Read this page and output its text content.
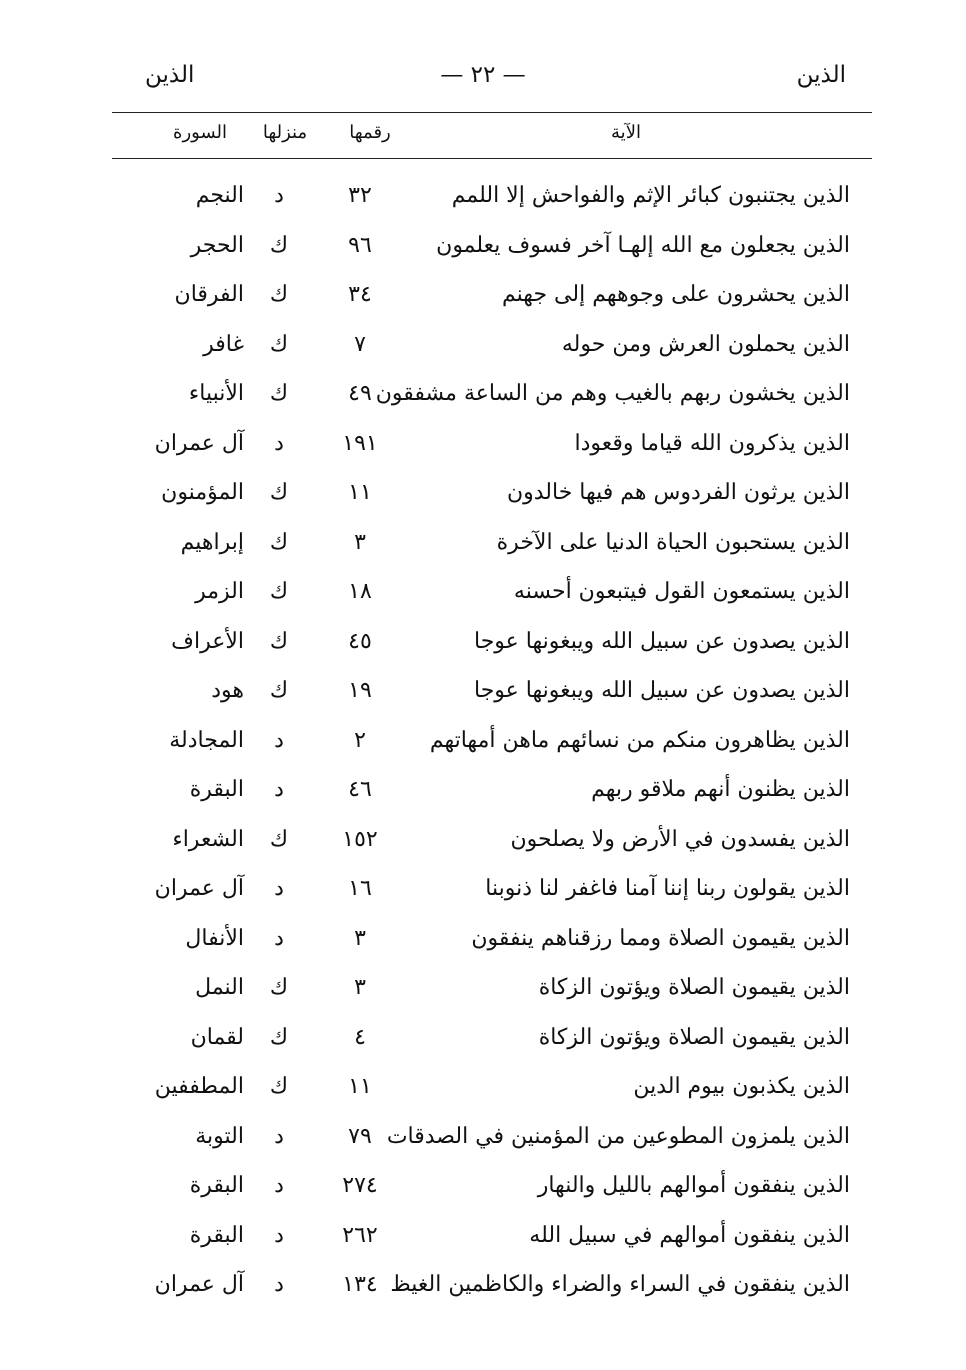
الذين
— ٢٢ —
الذين
الآية
رقمها
منزلها
السورة
الذين يجتنبون كبائر الإثم والفواحش إلا اللمم
٣٢
د
النجم
الذين يجعلون مع الله إلهـا آخر فسوف يعلمون
٩٦
ك
الحجر
الذين يحشرون على وجوههم إلى جهنم
٣٤
ك
الفرقان
الذين يحملون العرش ومن حوله
٧
ك
غافر
الذين يخشون ربهم بالغيب وهم من الساعة مشفقون
٤٩
ك
الأنبياء
الذين يذكرون الله قياما وقعودا
١٩١
د
آل عمران
الذين يرثون الفردوس هم فيها خالدون
١١
ك
المؤمنون
الذين يستحبون الحياة الدنيا على الآخرة
٣
ك
إبراهيم
الذين يستمعون القول فيتبعون أحسنه
١٨
ك
الزمر
الذين يصدون عن سبيل الله ويبغونها عوجا
٤٥
ك
الأعراف
الذين يصدون عن سبيل الله ويبغونها عوجا
١٩
ك
هود
الذين يظاهرون منكم من نسائهم ماهن أمهاتهم
٢
د
المجادلة
الذين يظنون أنهم ملاقو ربهم
٤٦
د
البقرة
الذين يفسدون في الأرض ولا يصلحون
١٥٢
ك
الشعراء
الذين يقولون ربنا إننا آمنا فاغفر لنا ذنوبنا
١٦
د
آل عمران
الذين يقيمون الصلاة ومما رزقناهم ينفقون
٣
د
الأنفال
الذين يقيمون الصلاة ويؤتون الزكاة
٣
ك
النمل
الذين يقيمون الصلاة ويؤتون الزكاة
٤
ك
لقمان
الذين يكذبون بيوم الدين
١١
ك
المطففين
الذين يلمزون المطوعين من المؤمنين في الصدقات
٧٩
د
التوبة
الذين ينفقون أموالهم بالليل والنهار
٢٧٤
د
البقرة
الذين ينفقون أموالهم في سبيل الله
٢٦٢
د
البقرة
الذين ينفقون في السراء والضراء والكاظمين الغيظ
١٣٤
د
آل عمران
